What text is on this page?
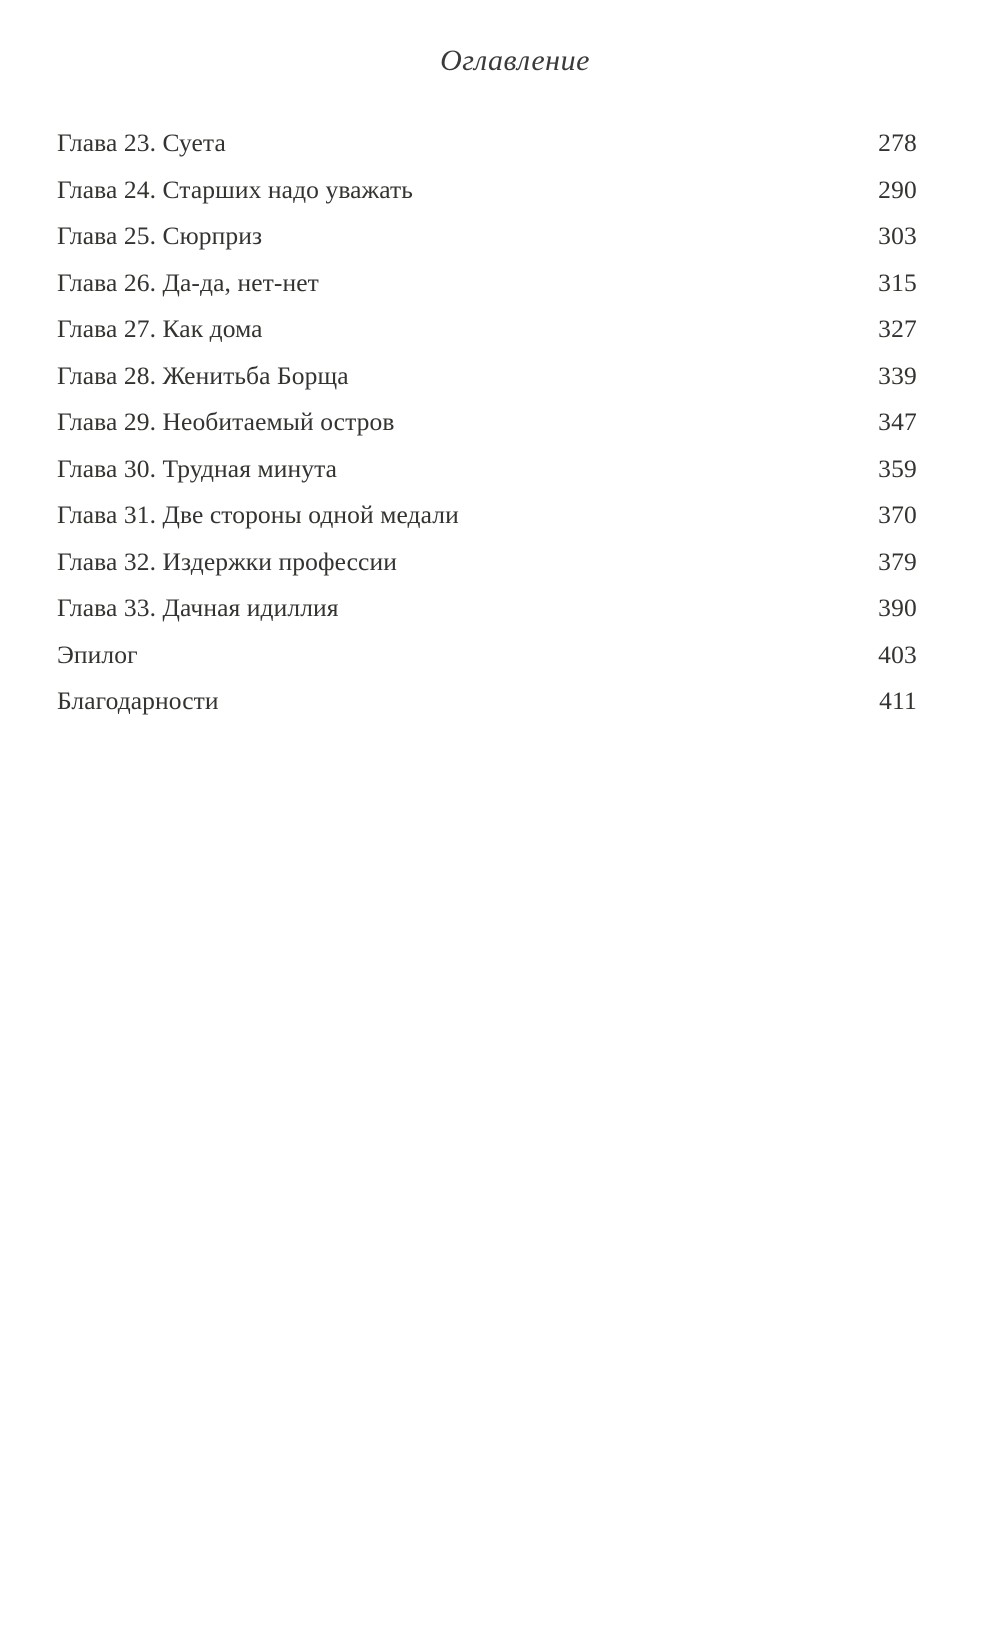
Оглавление
Глава 23. Суета . . .	278
Глава 24. Старших надо уважать . . .	290
Глава 25. Сюрприз . . .	303
Глава 26. Да-да, нет-нет . . .	315
Глава 27. Как дома . . .	327
Глава 28. Женитьба Борща . . .	339
Глава 29. Необитаемый остров . . .	347
Глава 30. Трудная минута . . .	359
Глава 31. Две стороны одной медали . . .	370
Глава 32. Издержки профессии . . .	379
Глава 33. Дачная идиллия . . .	390
Эпилог . . .	403
Благодарности . . .	411
